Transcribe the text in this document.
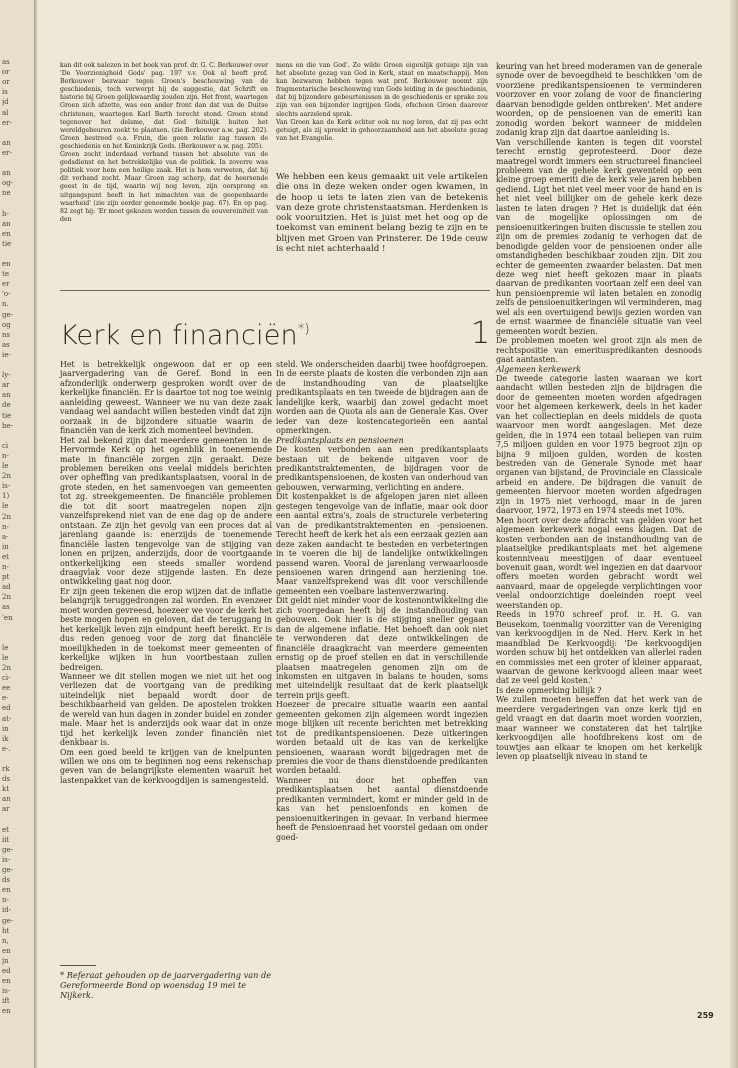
as
or
or
is
jd
al
er-
an
er-
an
og-
ne
h-
an
en
tie
en
te
er
'o-
n.
ge-
og
ns
as
ie-
ly-
ar
an
de
tie
be-
ci
n-
le
2n
is-
1)
le
2n
n-
a-
in
et
n-
pt
ad
2n
as
'en
le
le
2n
ci-
ee
e-
ed
at-
in
ik
e-.
rk
ds
kt
an
ar
et
iit
ge-
is-
ge-
ds
en
n-
id-
ge-
ht
n,
en
jn
ed
en
is-
ift
en

kan dit ook nalezen in het boek van prof. dr. G. C. Berkouwer over 'De Voorzienigheid Gods' pag. 197 v.v. Ook al heeft prof. Berkouwer bezwaar tegen Groen's beschouwing van de geschiedenis, toch verwerpt hij de suggestie, dat Schrift en historie bij Groen gelijkwaardig zouden zijn. Het front, waartegen Groen zich afzette, was een ander front dan dat van de Duitse christenen, waartegen Karl Barth terecht stond. Groen stond tegenover het deïsme, dat God feitelijk buiten het wereldgebeuren zoekt te plaatsen. (zie Berkouwer a.w. pag. 202). Groen bestreed o.a. Fruin, die geen relatie zag tussen de geschiedenis en het Koninkrijk Gods. (Berkouwer a.w. pag. 205).

Groen zocht inderdaad verband tussen het absolute van de godsdienst en het betrekkelijke van de politiek. In zoverre was politiek voor hem een heilige zaak. Het is hem verweten, dat hij dit verband zocht. Maar Groen zag scherp, dat de heersende geest in de tijd, waarin wij nog leven, zijn oorsprong en uitgangspunt heeft in het minachten van de geopenbaarde waarheid' (zie zijn eerder genoemde boekje pag. 67). En op pag. 82 zegt hij: 'Er moet gekozen worden tussen de souvereiniteit van den

mens en die van God'. Zo wilde Groen eigenlijk getuige zijn van het absolute gezag van God in Kerk, staat en maatschappij. Men kan bezwaren hebben tegen wat prof. Berkouwer noemt zijn fragmentarische beschouwing van Gods leiding in de geschiedenis, dat bij bijzondere gebeurtenissen in de geschiedenis er sprake zou zijn van een bijzonder ingrijpen Gods, ofschoon Groen daarover slechts aarzelend sprak.

Van Groen kan de Kerk echter ook nu nog leren, dat zij pas echt getuigt, als zij spreekt in gehoorzaamheid aan het absolute gezag van het Evangelie.

We hebben een keus gemaakt uit vele artikelen die ons in deze weken onder ogen kwamen, in de hoop u iets te laten zien van de betekenis van deze grote christenstaatsman. Herdenken is ook vooruitzien. Het is juist met het oog op de toekomst van eminent belang bezig te zijn en te blijven met Groen van Prinsterer. De 19de ceuw is echt niet achterhaald !

Kerk en financiën*)	1

Het is betrekkelijk ongewoon dat er op een jaarvergadering van de Geref. Bond in een afzonderlijk onderwerp gesproken wordt over de kerkelijke financiën. Er is daartoe tot nog toe weinig aanleiding geweest. Wanneer we nu van deze zaak vandaag wel aandacht willen besteden vindt dat zijn oorzaak in de bijzondere situatie waarin de financiën van de kerk zich momenteel bevinden.

Het zal bekend zijn dat meerdere gemeenten in de Hervormde Kerk op het ogenblik in toenemende mate in financiële zorgen zijn geraakt. Deze problemen bereiken ons veelal middels berichten over opheffing van predikantsplaatsen, vooral in de grote steden, en het samenvoegen van gemeenten tot zg. streekgemeenten. De financiële problemen die tot dit soort maatregelen nopen zijn vanzelfsprekend niet van de ene dag op de andere ontstaan. Ze zijn het gevolg van een proces dat al jarenlang gaande is: enerzijds de toenemende financiële lasten tengevolge van de stijging van lonen en prijzen, anderzijds, door de voortgaande ontkerkelijking een steeds smaller wordend draagvlak voor deze stijgende lasten. En deze ontwikkeling gaat nog door.

Er zijn geen tekenen die erop wijzen dat de inflatie belangrijk teruggedrongen zal worden. En evenzeer moet worden gevreesd, hoezeer we voor de kerk het beste mogen hopen en geloven, dat de teruggang in het kerkelijk leven zijn eindpunt heeft bereikt. Er is dus reden genoeg voor de zorg dat financiële moeilijkheden in de toekomst meer gemeenten of kerkelijke wijken in hun voortbestaan zullen bedreigen.

Wanneer we dit stellen mogen we niet uit het oog verliezen dat de voortgang van de prediking uiteindelijk niet bepaald wordt door de beschikbaarheid van gelden. De apostelen trokken de wereld van hun dagen in zonder buidel en zonder male. Maar het is anderzijds ook waar dat in onze tijd het kerkelijk leven zonder financiën niet denkbaar is.

Om een goed beeld te krijgen van de knelpunten willen we ons om te beginnen nog eens rekenschap geven van de belangrijkste elementen waaruit het lastenpakket van de kerkvoogdijen is samengesteld.

steld. We onderscheiden daarbij twee hoofdgroepen. In de eerste plaats de kosten die verbonden zijn aan de instandhouding van de plaatselijke predikantsplaats en ten tweede de bijdragen aan de landelijke kerk, waarbij dan zowel gedacht moet worden aan de Quota als aan de Generale Kas. Over ieder van deze kostencategorieën een aantal opmerkingen.

Predikantsplaats en pensioenen

De kosten verbonden aan een predikantsplaats bestaan uit de bekende uitgaven voor de predikantstraktementen, de bijdragen voor de predikantspensioenen, de kosten van onderhoud van gebouwen, verwarming, verlichting en andere.

Dit kostenpakket is de afgelopen jaren niet alleen gestegen tengevolge van de inflatie, maar ook door een aantal extra's, zoals de structurele verbetering van de predikantstraktementen en -pensioenen. Terecht heeft de kerk het als een eerzaak gezien aan deze zaken aandacht te besteden en verbeteringen in te voeren die bij de landelijke ontwikkelingen passend waren. Vooral de jarenlang verwaarloosde pensioenen waren dringend aan herziening toe. Maar vanzelfsprekend was dit voor verschillende gemeenten een voelbare lastenverzwaring.

Dit geldt niet minder voor de kostenontwikkeling die zich voorgedaan heeft bij de instandhouding van gebouwen. Ook hier is de stijging sneller gegaan dan de algemene inflatie. Het behoeft dan ook niet te verwonderen dat deze ontwikkelingen de financiële draagkracht van meerdere gemeenten ernstig op de proef stellen en dat in verschillende plaatsen maatregelen genomen zijn om de inkomsten en uitgaven in balans te houden, soms met uiteindelijk resultaat dat de kerk plaatselijk terrein prijs geeft.

Hoezeer de precaire situatie waarin een aantal gemeenten gekomen zijn algemeen wordt ingezien moge blijken uit recente berichten met betrekking tot de predikantspensioenen. Deze uitkeringen worden betaald uit de kas van de kerkelijke pensioenen, waaraan wordt bijgedragen met de premies die voor de thans dienstdoende predikanten worden betaald.

Wanneer nu door het opheffen van predikantsplaatsen het aantal dienstdoende predikanten vermindert, komt er minder geld in de kas van het pensioenfonds en komen de pensioenuitkeringen in gevaar. In verband hiermee heeft de Pensioenraad het voorstel gedaan om onder goed-

keuring van het breed moderamen van de generale synode over de bevoegdheid te beschikken 'om de voorziene predikantspensioenen te verminderen voorzover en voor zolang de voor de financiering daarvan benodigde gelden ontbreken'. Met andere woorden, op de pensioenen van de emeriti kan zonodig worden bekort wanneer de middelen zodanig krap zijn dat daartoe aanleiding is.

Van verschillende kanten is tegen dit voorstel terecht ernstig geprotesteerd. Door deze maatregel wordt immers een structureel financieel probleem van de gehele kerk gewenteld op een kleine groep emeriti die de kerk vele jaren hebben gediend. Ligt het niet veel meer voor de hand en is het niet veel billijker om de gehele kerk deze lasten te laten dragen ? Het is duidelijk dat één van de mogelijke oplossingen om de pensioenuitkeringen buiten discussie te stellen zou zijn om de premies zodanig te verhogen dat de benodigde gelden voor de pensioenen onder alle omstandigheden beschikbaar zouden zijn. Dit zou echter de gemeenten zwaarder belasten. Dat men deze weg niet heeft gekozen maar in plaats daarvan de predikanten voortaan zelf een deel van hun pensioenpremie wil laten betalen en zonodig zelfs de pensioenuitkeringen wil verminderen, mag wel als een overtuigend bewijs gezien worden van de ernst waarmee de financiële situatie van veel gemeenten wordt bezien.

De problemen moeten wel groot zijn als men de rechtspositie van emerituspredikanten desnoods gaat aantasten.

Algemeen kerkewerk

De tweede categorie lasten waaraan we kort aandacht willen besteden zijn de bijdragen die door de gemeenten moeten worden afgedragen voor het algemeen kerkewerk, deels in het kader van het collectieplan en deels middels de quota waarvoor men wordt aangeslagen. Met deze gelden, die in 1974 een totaal beliepen van ruim 7,5 miljoen gulden en voor 1975 begroot zijn op bijna 9 miljoen gulden, worden de kosten bestreden van de Generale Synode met haar organen van bijstand, de Provinciale en Classicale arbeid en andere. De bijdragen die vanuit de gemeenten hiervoor moeten worden afgedragen zijn in 1975 niet verhoogd, maar in de jaren daarvoor, 1972, 1973 en 1974 steeds met 10%.

Men hoort over deze afdracht van gelden voor het algemeen kerkewerk nogal eens klagen. Dat de kosten verbonden aan de instandhouding van de plaatselijke predikantsplaats met het algemene kostenniveau meestijgen of daar eventueel bovenuit gaan, wordt wel ingezien en dat daarvoor offers moeten worden gebracht wordt wel aanvaard, maar de opgelegde verplichtingen voor veelal ondoorzichtige doeleinden roept veel weerstanden op.

Reeds in 1970 schreef prof. ir. H. G. van Beusekom, toenmalig voorzitter van de Vereniging van kerkvoogdijen in de Ned. Herv. Kerk in het maandblad De Kerkvoogdij: 'De kerkvoogdijen worden schuw bij het ontdekken van allerlei raden en commissies met een groter of kleiner apparaat, waarvan de gewone kerkvoogd alleen maar weet dat ze veel geld kosten.'

Is deze opmerking billijk ?

We zullen moeten beseffen dat het werk van de meerdere vergaderingen van onze kerk tijd en geld vraagt en dat daarin moet worden voorzien, maar wanneer we constateren dat het talrijke kerkvoogdijen alle hoofdbrekens kost om de touwtjes aan elkaar te knopen om het kerkelijk leven op plaatselijk niveau in stand te

* Referaat gehouden op de jaarvergadering van de Gereformeerde Bond op woensdag 19 mei te Nijkerk.
259
